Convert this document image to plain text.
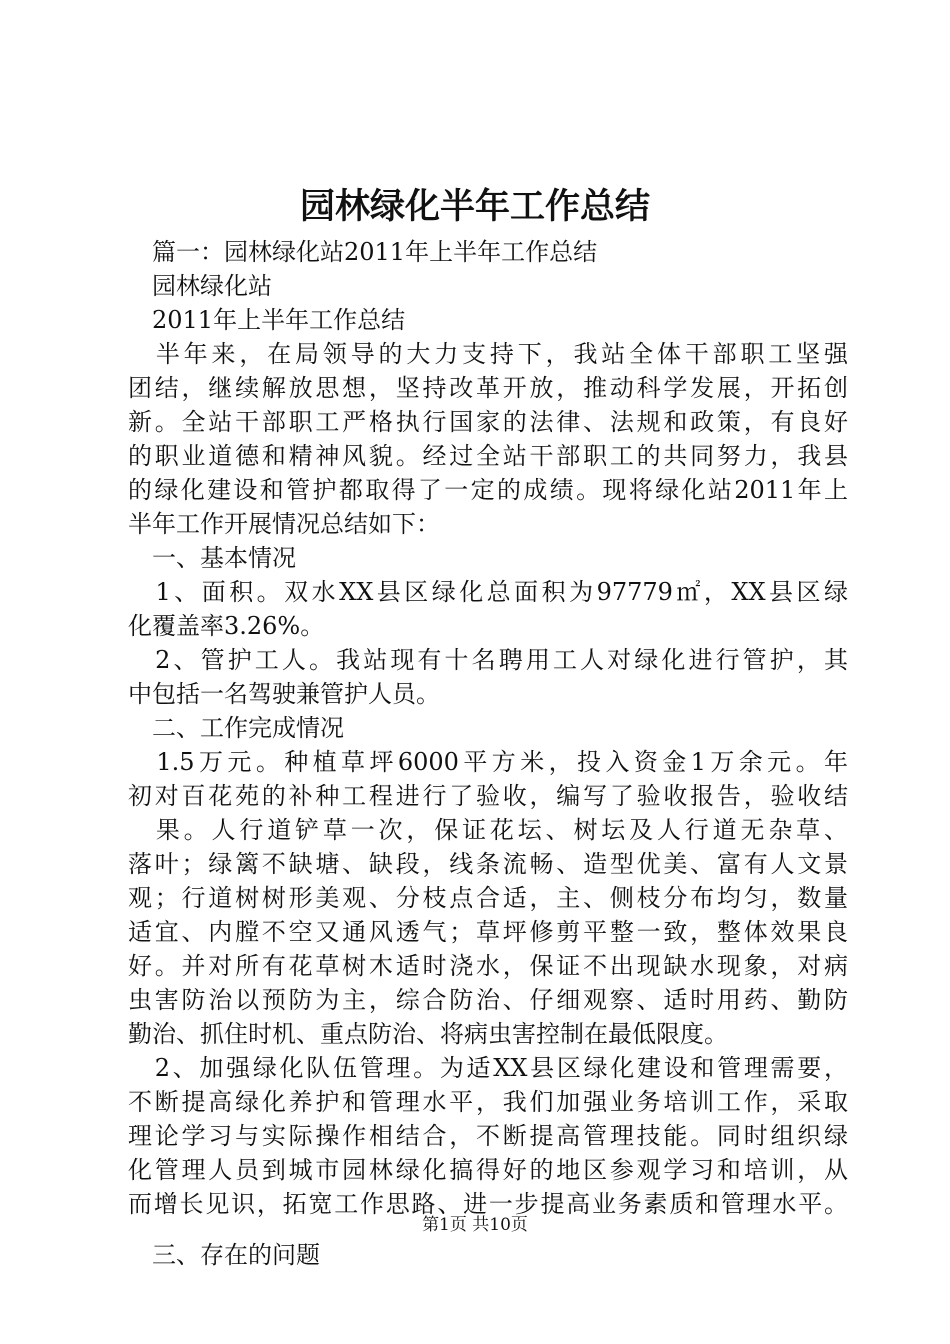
园林绿化半年工作总结
　篇一：园林绿化站2011年上半年工作总结
　园林绿化站
　2011年上半年工作总结
　半年来，在局领导的大力支持下，我站全体干部职工坚强
团结，继续解放思想，坚持改革开放，推动科学发展，开拓创
新。全站干部职工严格执行国家的法律、法规和政策，有良好
的职业道德和精神风貌。经过全站干部职工的共同努力，我县
的绿化建设和管护都取得了一定的成绩。现将绿化站2011年上
半年工作开展情况总结如下：
　一、基本情况
　1、面积。双水XX县区绿化总面积为97779㎡，XX县区绿
化覆盖率3.26%。
　2、管护工人。我站现有十名聘用工人对绿化进行管护，其
中包括一名驾驶兼管护人员。
　二、工作完成情况
　1.5万元。种植草坪6000平方米，投入资金1万余元。年
初对百花苑的补种工程进行了验收，编写了验收报告，验收结
　果。人行道铲草一次，保证花坛、树坛及人行道无杂草、
落叶；绿篱不缺塘、缺段，线条流畅、造型优美、富有人文景
观；行道树树形美观、分枝点合适，主、侧枝分布均匀，数量
适宜、内膛不空又通风透气；草坪修剪平整一致，整体效果良
好。并对所有花草树木适时浇水，保证不出现缺水现象，对病
虫害防治以预防为主，综合防治、仔细观察、适时用药、勤防
勤治、抓住时机、重点防治、将病虫害控制在最低限度。
　2、加强绿化队伍管理。为适XX县区绿化建设和管理需要，
不断提高绿化养护和管理水平，我们加强业务培训工作，采取
理论学习与实际操作相结合，不断提高管理技能。同时组织绿
化管理人员到城市园林绿化搞得好的地区参观学习和培训，从
而增长见识，拓宽工作思路、进一步提高业务素质和管理水平。
　三、存在的问题
第1页 共10页
